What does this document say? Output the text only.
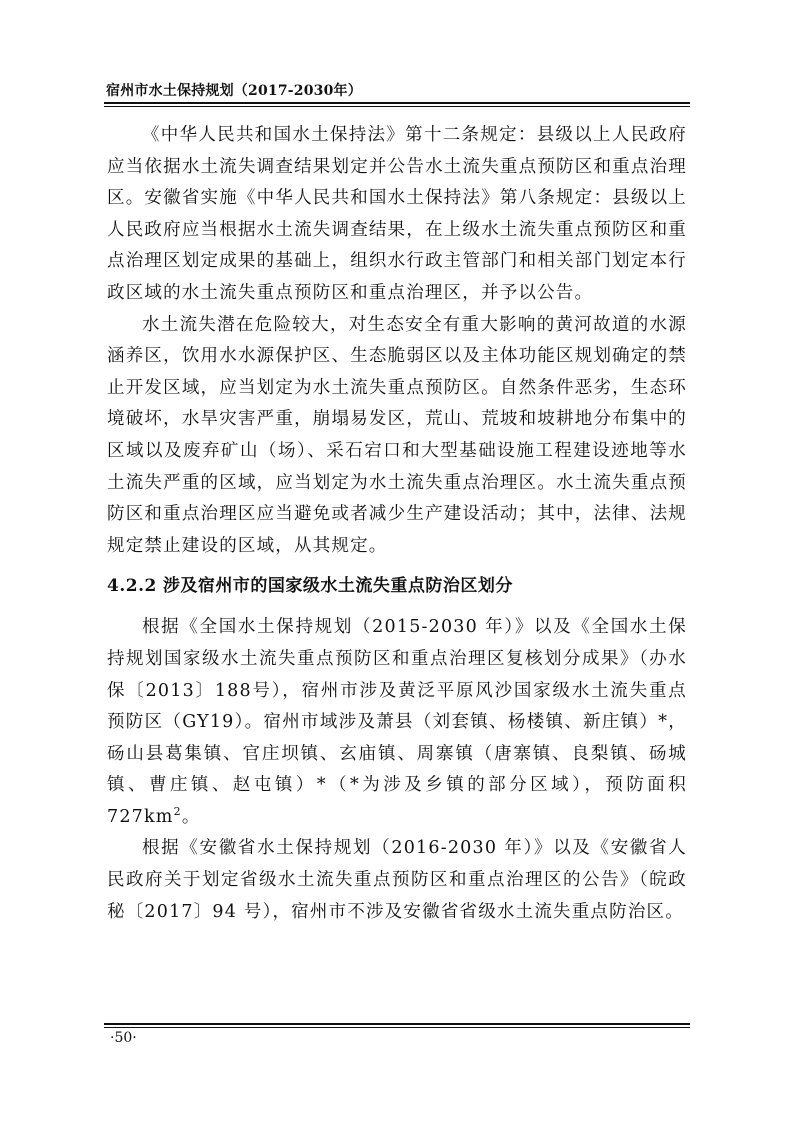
宿州市水土保持规划（2017-2030年）

《中华人民共和国水土保持法》第十二条规定：县级以上人民政府应当依据水土流失调查结果划定并公告水土流失重点预防区和重点治理区。安徽省实施《中华人民共和国水土保持法》第八条规定：县级以上人民政府应当根据水土流失调查结果，在上级水土流失重点预防区和重点治理区划定成果的基础上，组织水行政主管部门和相关部门划定本行政区域的水土流失重点预防区和重点治理区，并予以公告。

水土流失潜在危险较大，对生态安全有重大影响的黄河故道的水源涵养区，饮用水水源保护区、生态脆弱区以及主体功能区规划确定的禁止开发区域，应当划定为水土流失重点预防区。自然条件恶劣，生态环境破坏，水旱灾害严重，崩塌易发区，荒山、荒坡和坡耕地分布集中的区域以及废弃矿山（场）、采石宕口和大型基础设施工程建设迹地等水土流失严重的区域，应当划定为水土流失重点治理区。水土流失重点预防区和重点治理区应当避免或者减少生产建设活动；其中，法律、法规规定禁止建设的区域，从其规定。

4.2.2 涉及宿州市的国家级水土流失重点防治区划分

根据《全国水土保持规划（2015-2030 年）》以及《全国水土保持规划国家级水土流失重点预防区和重点治理区复核划分成果》（办水保〔2013〕188号），宿州市涉及黄泛平原风沙国家级水土流失重点预防区（GY19）。宿州市域涉及萧县（刘套镇、杨楼镇、新庄镇）*，砀山县葛集镇、官庄坝镇、玄庙镇、周寨镇（唐寨镇、良梨镇、砀城镇、曹庄镇、赵屯镇）*（*为涉及乡镇的部分区域），预防面积 $727km^2$。

根据《安徽省水土保持规划（2016-2030 年）》以及《安徽省人民政府关于划定省级水土流失重点预防区和重点治理区的公告》（皖政秘〔2017〕94 号），宿州市不涉及安徽省省级水土流失重点防治区。

·50·
